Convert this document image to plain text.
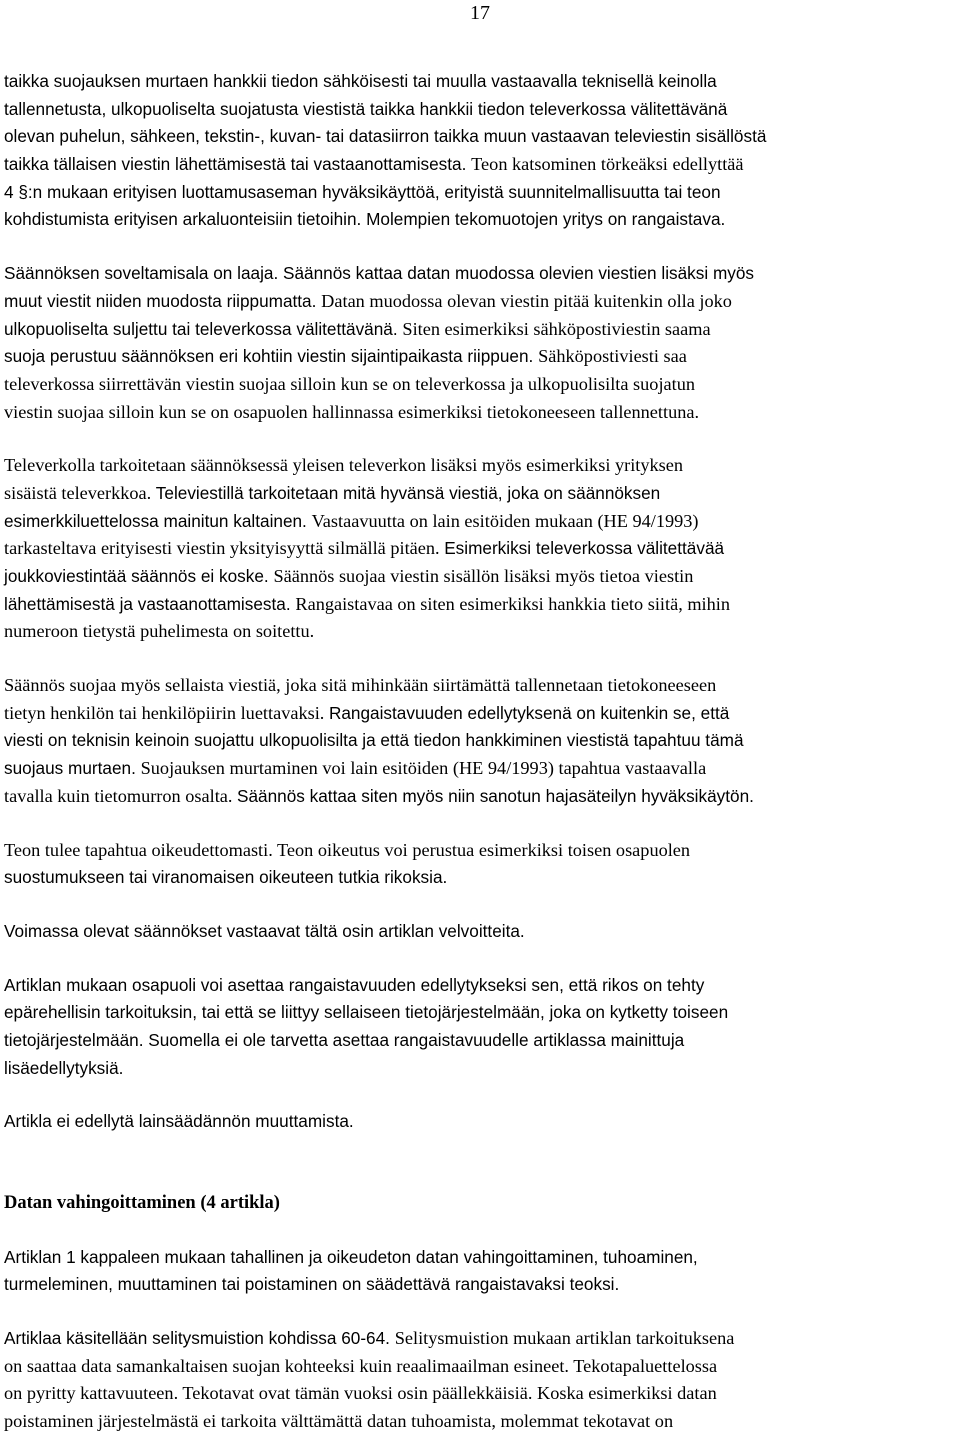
17

taikka suojauksen murtaen hankkii tiedon sähköisesti tai muulla vastaavalla teknisellä keinolla
tallennetusta, ulkopuoliselta suojatusta viestistä taikka hankkii tiedon televerkossa välitettävänä
olevan puhelun, sähkeen, tekstin-, kuvan- tai datasiirron taikka muun vastaavan televiestin sisällöstä
taikka tällaisen viestin lähettämisestä tai vastaanottamisesta. Teon katsominen törkeäksi edellyttää
4 §:n mukaan erityisen luottamusaseman hyväksikäyttöä, erityistä suunnitelmallisuutta tai teon
kohdistumista erityisen arkaluonteisiin tietoihin. Molempien tekomuotojen yritys on rangaistava.

Säännöksen soveltamisala on laaja. Säännös kattaa datan muodossa olevien viestien lisäksi myös
muut viestit niiden muodosta riippumatta. Datan muodossa olevan viestin pitää kuitenkin olla joko
ulkopuoliselta suljettu tai televerkossa välitettävänä. Siten esimerkiksi sähköpostiviestin saama
suoja perustuu säännöksen eri kohtiin viestin sijaintipaikasta riippuen. Sähköpostiviesti saa
televerkossa siirrettävän viestin suojaa silloin kun se on televerkossa ja ulkopuolisilta suojatun
viestin suojaa silloin kun se on osapuolen hallinnassa esimerkiksi tietokoneeseen tallennettuna.

Televerkolla tarkoitetaan säännöksessä yleisen televerkon lisäksi myös esimerkiksi yrityksen
sisäistä televerkkoa. Televiestillä tarkoitetaan mitä hyvänsä viestiä, joka on säännöksen
esimerkkiluettelossa mainitun kaltainen. Vastaavuutta on lain esitöiden mukaan (HE 94/1993)
tarkasteltava erityisesti viestin yksityisyyttä silmällä pitäen. Esimerkiksi televerkossa välitettävää
joukkoviestintää säännös ei koske. Säännös suojaa viestin sisällön lisäksi myös tietoa viestin
lähettämisestä ja vastaanottamisesta. Rangaistavaa on siten esimerkiksi hankkia tieto siitä, mihin
numeroon tietystä puhelimesta on soitettu.

Säännös suojaa myös sellaista viestiä, joka sitä mihinkään siirtämättä tallennetaan tietokoneeseen
tietyn henkilön tai henkilöpiirin luettavaksi. Rangaistavuuden edellytyksenä on kuitenkin se, että
viesti on teknisin keinoin suojattu ulkopuolisilta ja että tiedon hankkiminen viestistä tapahtuu tämä
suojaus murtaen. Suojauksen murtaminen voi lain esitöiden (HE 94/1993) tapahtua vastaavalla
tavalla kuin tietomurron osalta. Säännös kattaa siten myös niin sanotun hajasäteilyn hyväksikäytön.

Teon tulee tapahtua oikeudettomasti. Teon oikeutus voi perustua esimerkiksi toisen osapuolen
suostumukseen tai viranomaisen oikeuteen tutkia rikoksia.

Voimassa olevat säännökset vastaavat tältä osin artiklan velvoitteita.

Artiklan mukaan osapuoli voi asettaa rangaistavuuden edellytykseksi sen, että rikos on tehty
epärehellisin tarkoituksin, tai että se liittyy sellaiseen tietojärjestelmään, joka on kytketty toiseen
tietojärjestelmään. Suomella ei ole tarvetta asettaa rangaistavuudelle artiklassa mainittuja
lisäedellytyksiä.

Artikla ei edellytä lainsäädännön muuttamista.

Datan vahingoittaminen (4 artikla)

Artiklan 1 kappaleen mukaan tahallinen ja oikeudeton datan vahingoittaminen, tuhoaminen,
turmeleminen, muuttaminen tai poistaminen on säädettävä rangaistavaksi teoksi.

Artiklaa käsitellään selitysmuistion kohdissa 60-64. Selitysmuistion mukaan artiklan tarkoituksena
on saattaa data samankaltaisen suojan kohteeksi kuin reaalimaailman esineet. Tekotapaluettelossa
on pyritty kattavuuteen. Tekotavat ovat tämän vuoksi osin päällekkäisiä. Koska esimerkiksi datan
poistaminen järjestelmästä ei tarkoita välttämättä datan tuhoamista, molemmat tekotavat on
